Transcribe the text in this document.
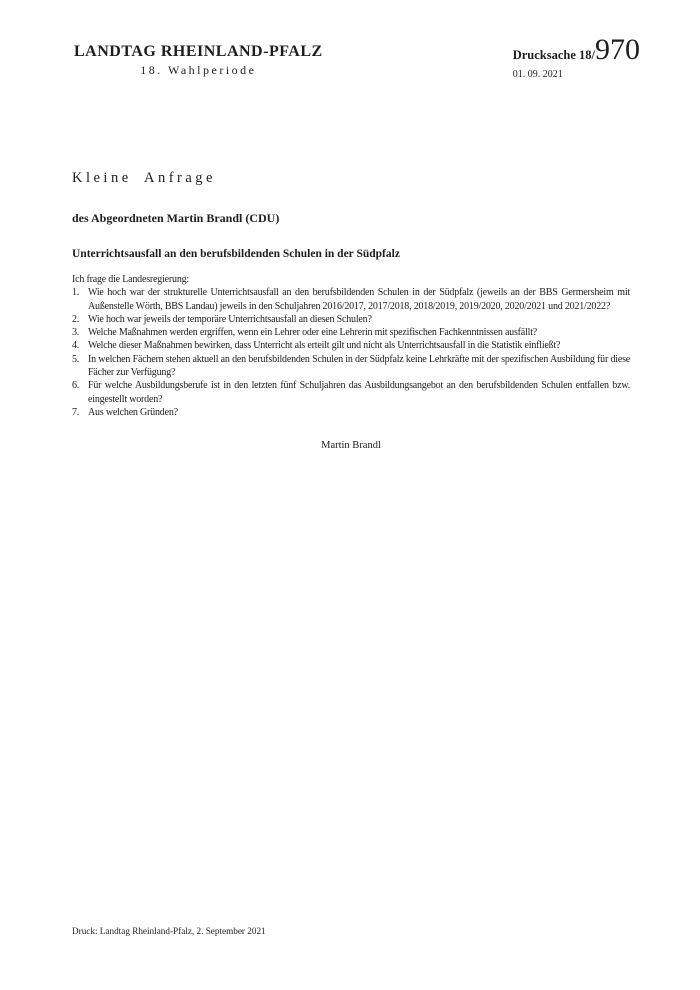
LANDTAG RHEINLAND-PFALZ
18. Wahlperiode
Drucksache 18/970
01. 09. 2021
Kleine Anfrage
des Abgeordneten Martin Brandl (CDU)
Unterrichtsausfall an den berufsbildenden Schulen in der Südpfalz
Ich frage die Landesregierung:
1. Wie hoch war der strukturelle Unterrichtsausfall an den berufsbildenden Schulen in der Südpfalz (jeweils an der BBS Germersheim mit Außenstelle Wörth, BBS Landau) jeweils in den Schuljahren 2016/2017, 2017/2018, 2018/2019, 2019/2020, 2020/2021 und 2021/2022?
2. Wie hoch war jeweils der temporäre Unterrichtsausfall an diesen Schulen?
3. Welche Maßnahmen werden ergriffen, wenn ein Lehrer oder eine Lehrerin mit spezifischen Fachkenntnissen ausfällt?
4. Welche dieser Maßnahmen bewirken, dass Unterricht als erteilt gilt und nicht als Unterrichtsausfall in die Statistik einfließt?
5. In welchen Fächern stehen aktuell an den berufsbildenden Schulen in der Südpfalz keine Lehrkräfte mit der spezifischen Ausbildung für diese Fächer zur Verfügung?
6. Für welche Ausbildungsberufe ist in den letzten fünf Schuljahren das Ausbildungsangebot an den berufsbildenden Schulen entfallen bzw. eingestellt worden?
7. Aus welchen Gründen?
Martin Brandl
Druck: Landtag Rheinland-Pfalz, 2. September 2021
